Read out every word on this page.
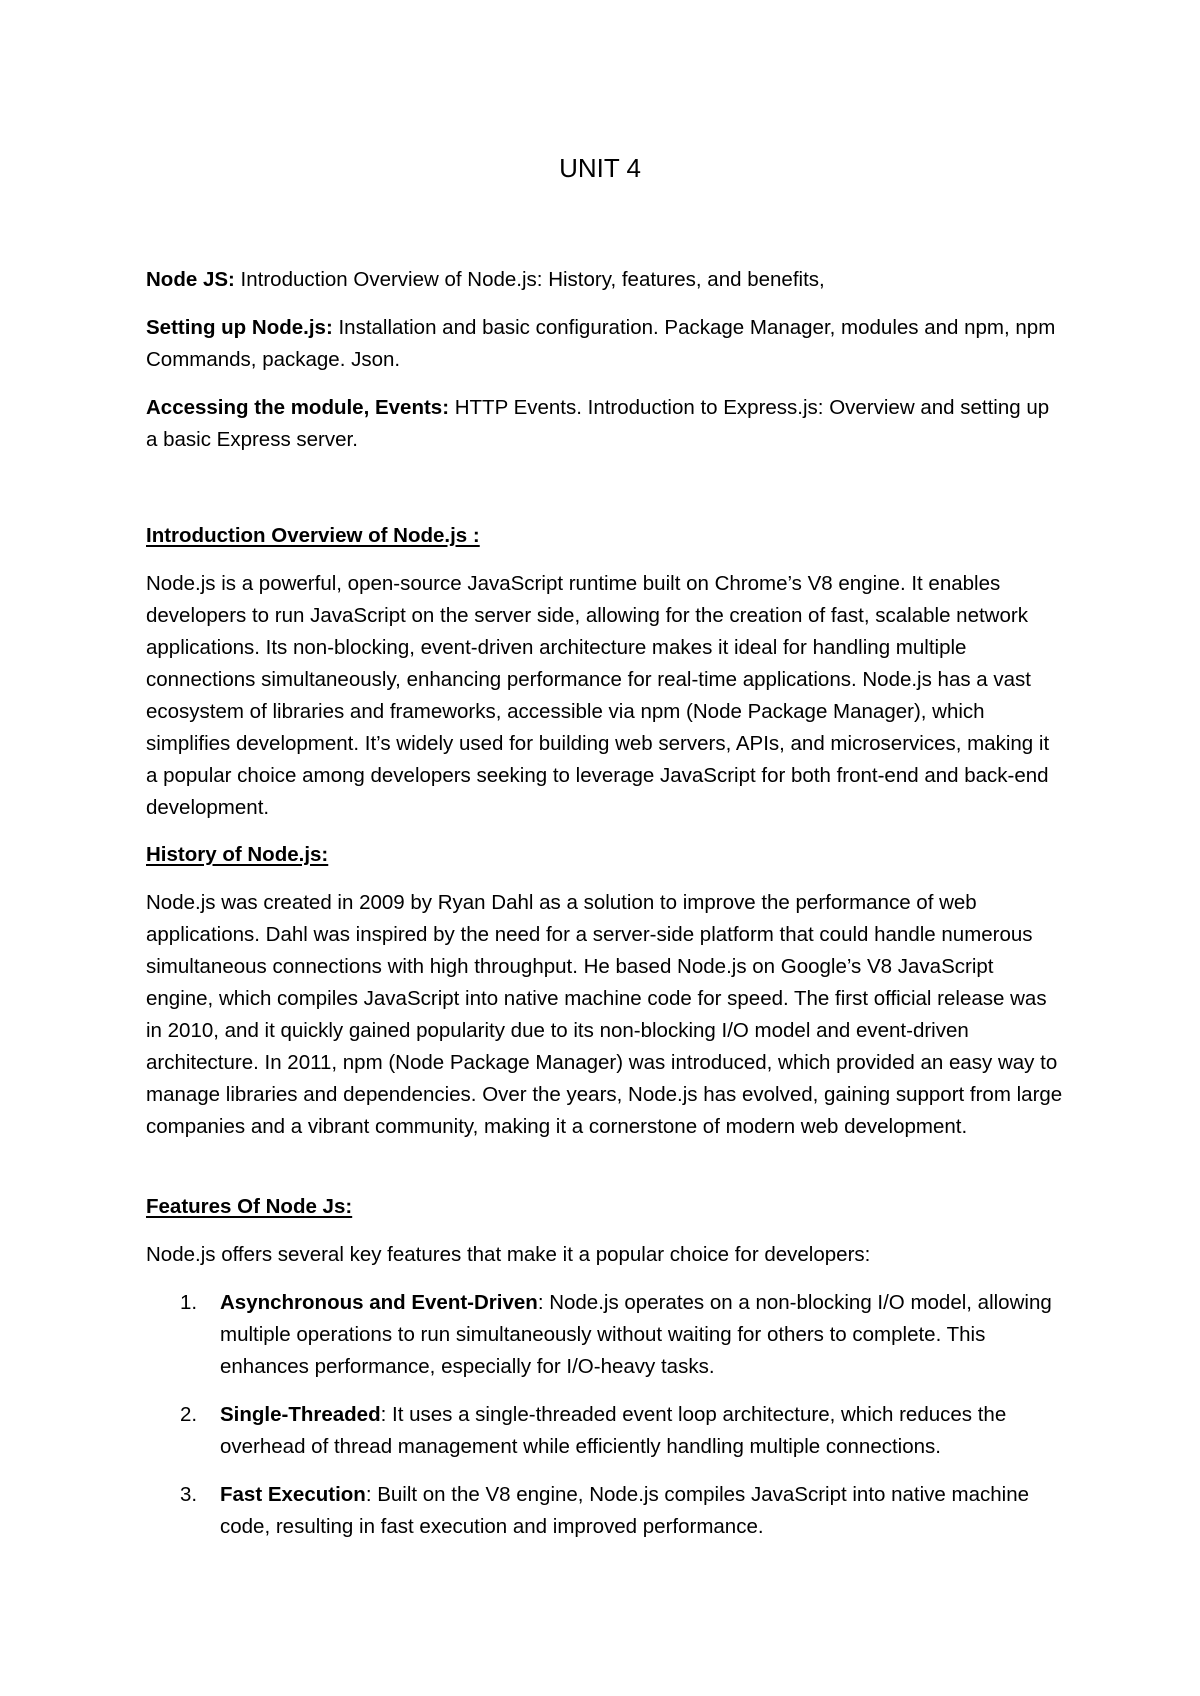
UNIT 4

Node JS: Introduction Overview of Node.js: History, features, and benefits,

Setting up Node.js: Installation and basic configuration. Package Manager, modules and npm, npm Commands, package. Json.

Accessing the module, Events: HTTP Events. Introduction to Express.js: Overview and setting up a basic Express server.

Introduction Overview of Node.js :

Node.js is a powerful, open-source JavaScript runtime built on Chrome’s V8 engine. It enables developers to run JavaScript on the server side, allowing for the creation of fast, scalable network applications. Its non-blocking, event-driven architecture makes it ideal for handling multiple connections simultaneously, enhancing performance for real-time applications. Node.js has a vast ecosystem of libraries and frameworks, accessible via npm (Node Package Manager), which simplifies development. It’s widely used for building web servers, APIs, and microservices, making it a popular choice among developers seeking to leverage JavaScript for both front-end and back-end development.

History of Node.js:

Node.js was created in 2009 by Ryan Dahl as a solution to improve the performance of web applications. Dahl was inspired by the need for a server-side platform that could handle numerous simultaneous connections with high throughput. He based Node.js on Google’s V8 JavaScript engine, which compiles JavaScript into native machine code for speed. The first official release was in 2010, and it quickly gained popularity due to its non-blocking I/O model and event-driven architecture. In 2011, npm (Node Package Manager) was introduced, which provided an easy way to manage libraries and dependencies. Over the years, Node.js has evolved, gaining support from large companies and a vibrant community, making it a cornerstone of modern web development.

Features Of Node Js:

Node.js offers several key features that make it a popular choice for developers:

1. Asynchronous and Event-Driven: Node.js operates on a non-blocking I/O model, allowing multiple operations to run simultaneously without waiting for others to complete. This enhances performance, especially for I/O-heavy tasks.
2. Single-Threaded: It uses a single-threaded event loop architecture, which reduces the overhead of thread management while efficiently handling multiple connections.
3. Fast Execution: Built on the V8 engine, Node.js compiles JavaScript into native machine code, resulting in fast execution and improved performance.
